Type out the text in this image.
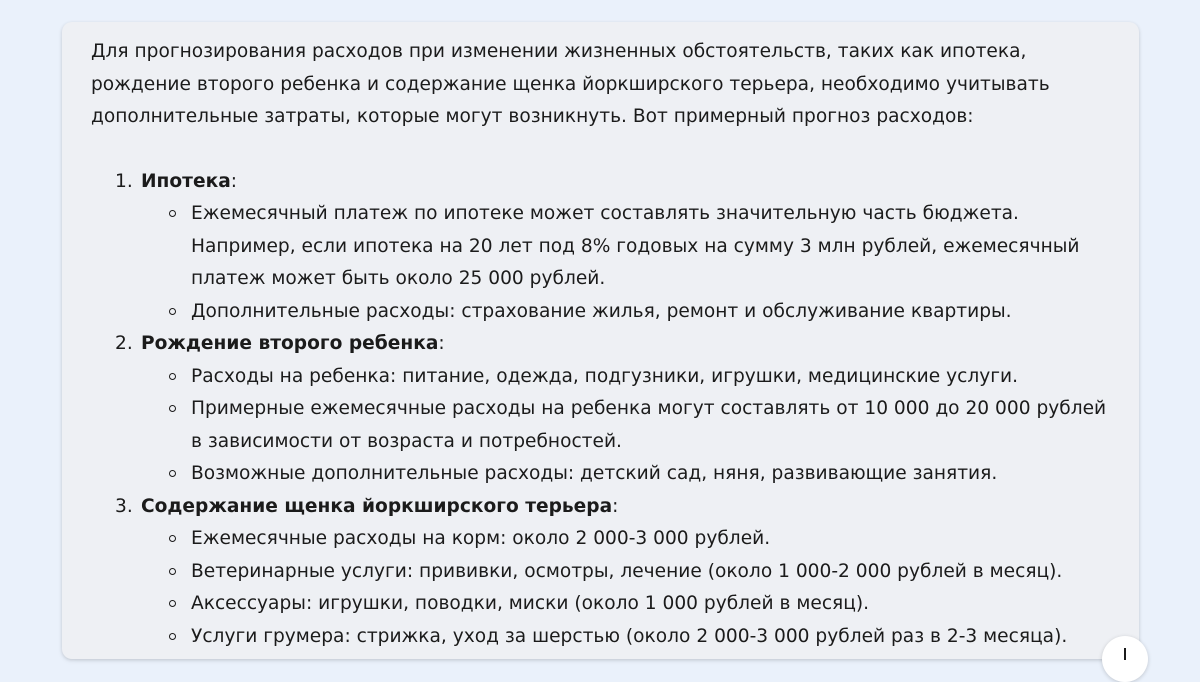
Для прогнозирования расходов при изменении жизненных обстоятельств, таких как ипотека, рождение второго ребенка и содержание щенка йоркширского терьера, необходимо учитывать дополнительные затраты, которые могут возникнуть. Вот примерный прогноз расходов:

1. Ипотека:
Ежемесячный платеж по ипотеке может составлять значительную часть бюджета. Например, если ипотека на 20 лет под 8% годовых на сумму 3 млн рублей, ежемесячный платеж может быть около 25 000 рублей.
Дополнительные расходы: страхование жилья, ремонт и обслуживание квартиры.
2. Рождение второго ребенка:
Расходы на ребенка: питание, одежда, подгузники, игрушки, медицинские услуги.
Примерные ежемесячные расходы на ребенка могут составлять от 10 000 до 20 000 рублей в зависимости от возраста и потребностей.
Возможные дополнительные расходы: детский сад, няня, развивающие занятия.
3. Содержание щенка йоркширского терьера:
Ежемесячные расходы на корм: около 2 000-3 000 рублей.
Ветеринарные услуги: прививки, осмотры, лечение (около 1 000-2 000 рублей в месяц).
Аксессуары: игрушки, поводки, миски (около 1 000 рублей в месяц).
Услуги грумера: стрижка, уход за шерстью (около 2 000-3 000 рублей раз в 2-3 месяца).
